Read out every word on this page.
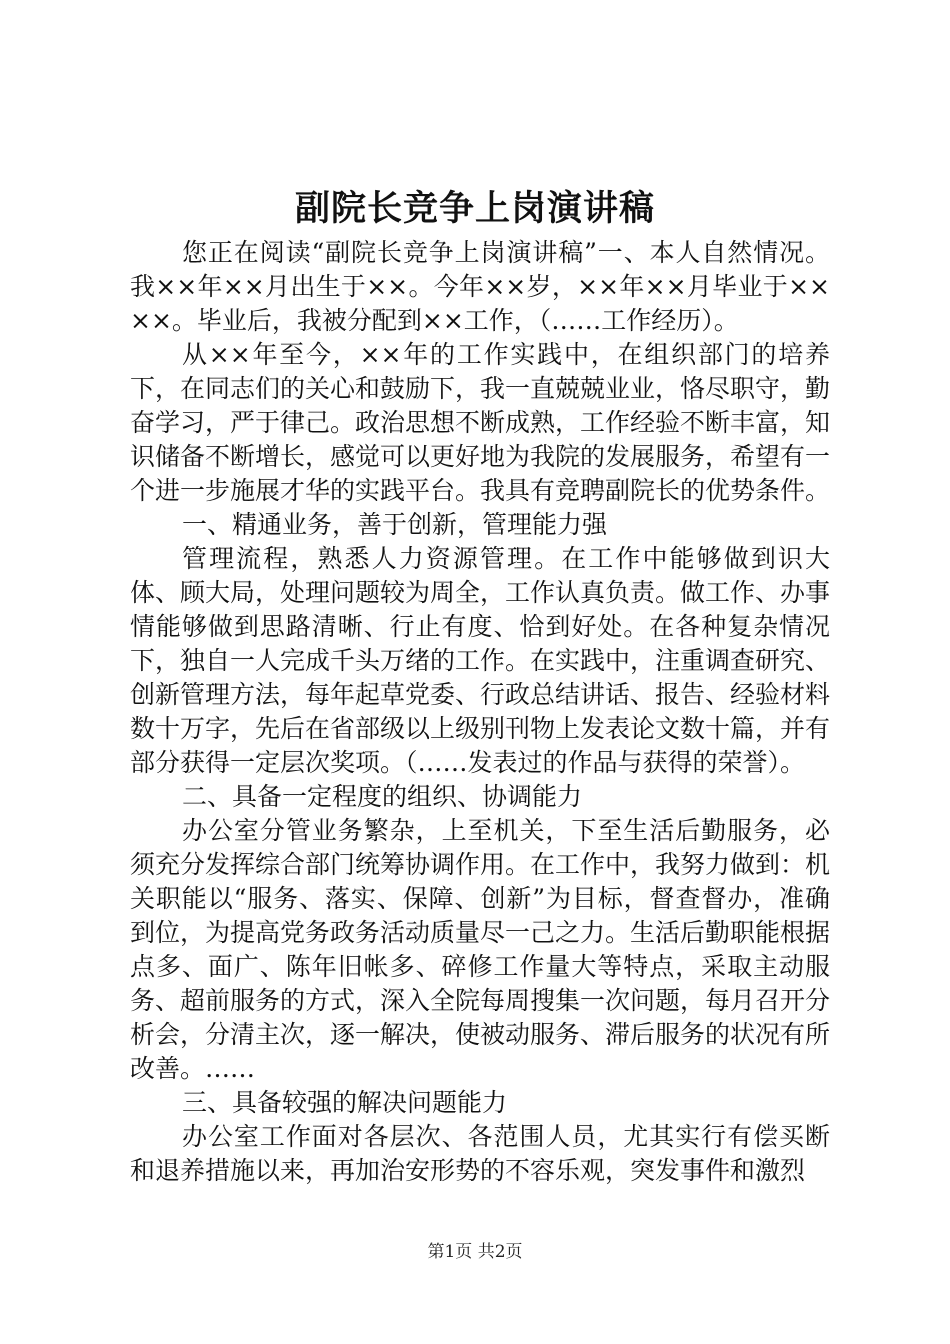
副院长竞争上岗演讲稿

您正在阅读“副院长竞争上岗演讲稿”一、本人自然情况。我××年××月出生于××。今年××岁，××年××月毕业于××××。毕业后，我被分配到××工作，（……工作经历）。

从××年至今，××年的工作实践中，在组织部门的培养下，在同志们的关心和鼓励下，我一直兢兢业业，恪尽职守，勤奋学习，严于律己。政治思想不断成熟，工作经验不断丰富，知识储备不断增长，感觉可以更好地为我院的发展服务，希望有一个进一步施展才华的实践平台。我具有竞聘副院长的优势条件。

一、精通业务，善于创新，管理能力强

管理流程，熟悉人力资源管理。在工作中能够做到识大体、顾大局，处理问题较为周全，工作认真负责。做工作、办事情能够做到思路清晰、行止有度、恰到好处。在各种复杂情况下，独自一人完成千头万绪的工作。在实践中，注重调查研究、创新管理方法，每年起草党委、行政总结讲话、报告、经验材料数十万字，先后在省部级以上级别刊物上发表论文数十篇，并有部分获得一定层次奖项。（……发表过的作品与获得的荣誉）。

二、具备一定程度的组织、协调能力

办公室分管业务繁杂，上至机关，下至生活后勤服务，必须充分发挥综合部门统筹协调作用。在工作中，我努力做到：机关职能以“服务、落实、保障、创新”为目标，督查督办，准确到位，为提高党务政务活动质量尽一己之力。生活后勤职能根据点多、面广、陈年旧帐多、碎修工作量大等特点，采取主动服务、超前服务的方式，深入全院每周搜集一次问题，每月召开分析会，分清主次，逐一解决，使被动服务、滞后服务的状况有所改善。……

三、具备较强的解决问题能力

办公室工作面对各层次、各范围人员，尤其实行有偿买断和退养措施以来，再加治安形势的不容乐观，突发事件和激烈

第1页 共2页
